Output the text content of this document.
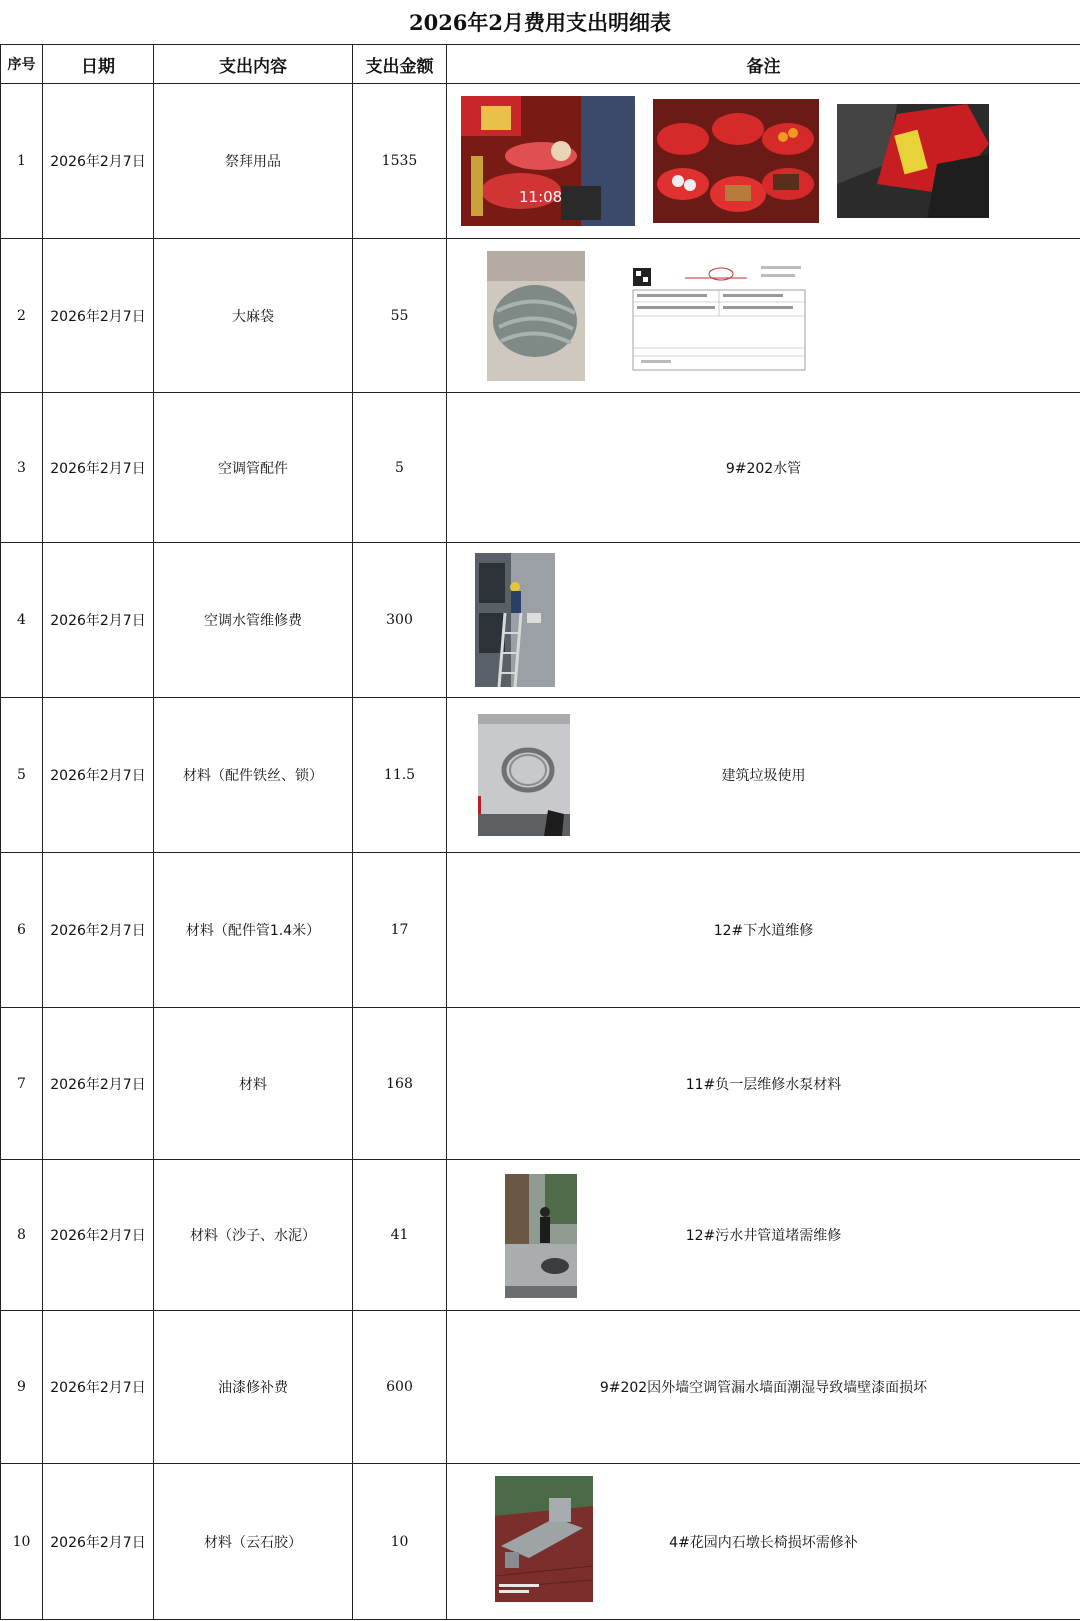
2026年2月费用支出明细表
序号	日期	支出内容	支出金额	备注
1	2026年2月7日	祭拜用品	1535	11:08

2	2026年2月7日	大麻袋	55	

3	2026年2月7日	空调管配件	5	9#202水管
4	2026年2月7日	空调水管维修费	300	

5	2026年2月7日	材料（配件铁丝、锁）	11.5	建筑垃圾使用

6	2026年2月7日	材料（配件管1.4米）	17	12#下水道维修
7	2026年2月7日	材料	168	11#负一层维修水泵材料
8	2026年2月7日	材料（沙子、水泥）	41	12#污水井管道堵需维修

9	2026年2月7日	油漆修补费	600	9#202因外墙空调管漏水墙面潮湿导致墙壁漆面损坏
10	2026年2月7日	材料（云石胶）	10	4#花园内石墩长椅损坏需修补
